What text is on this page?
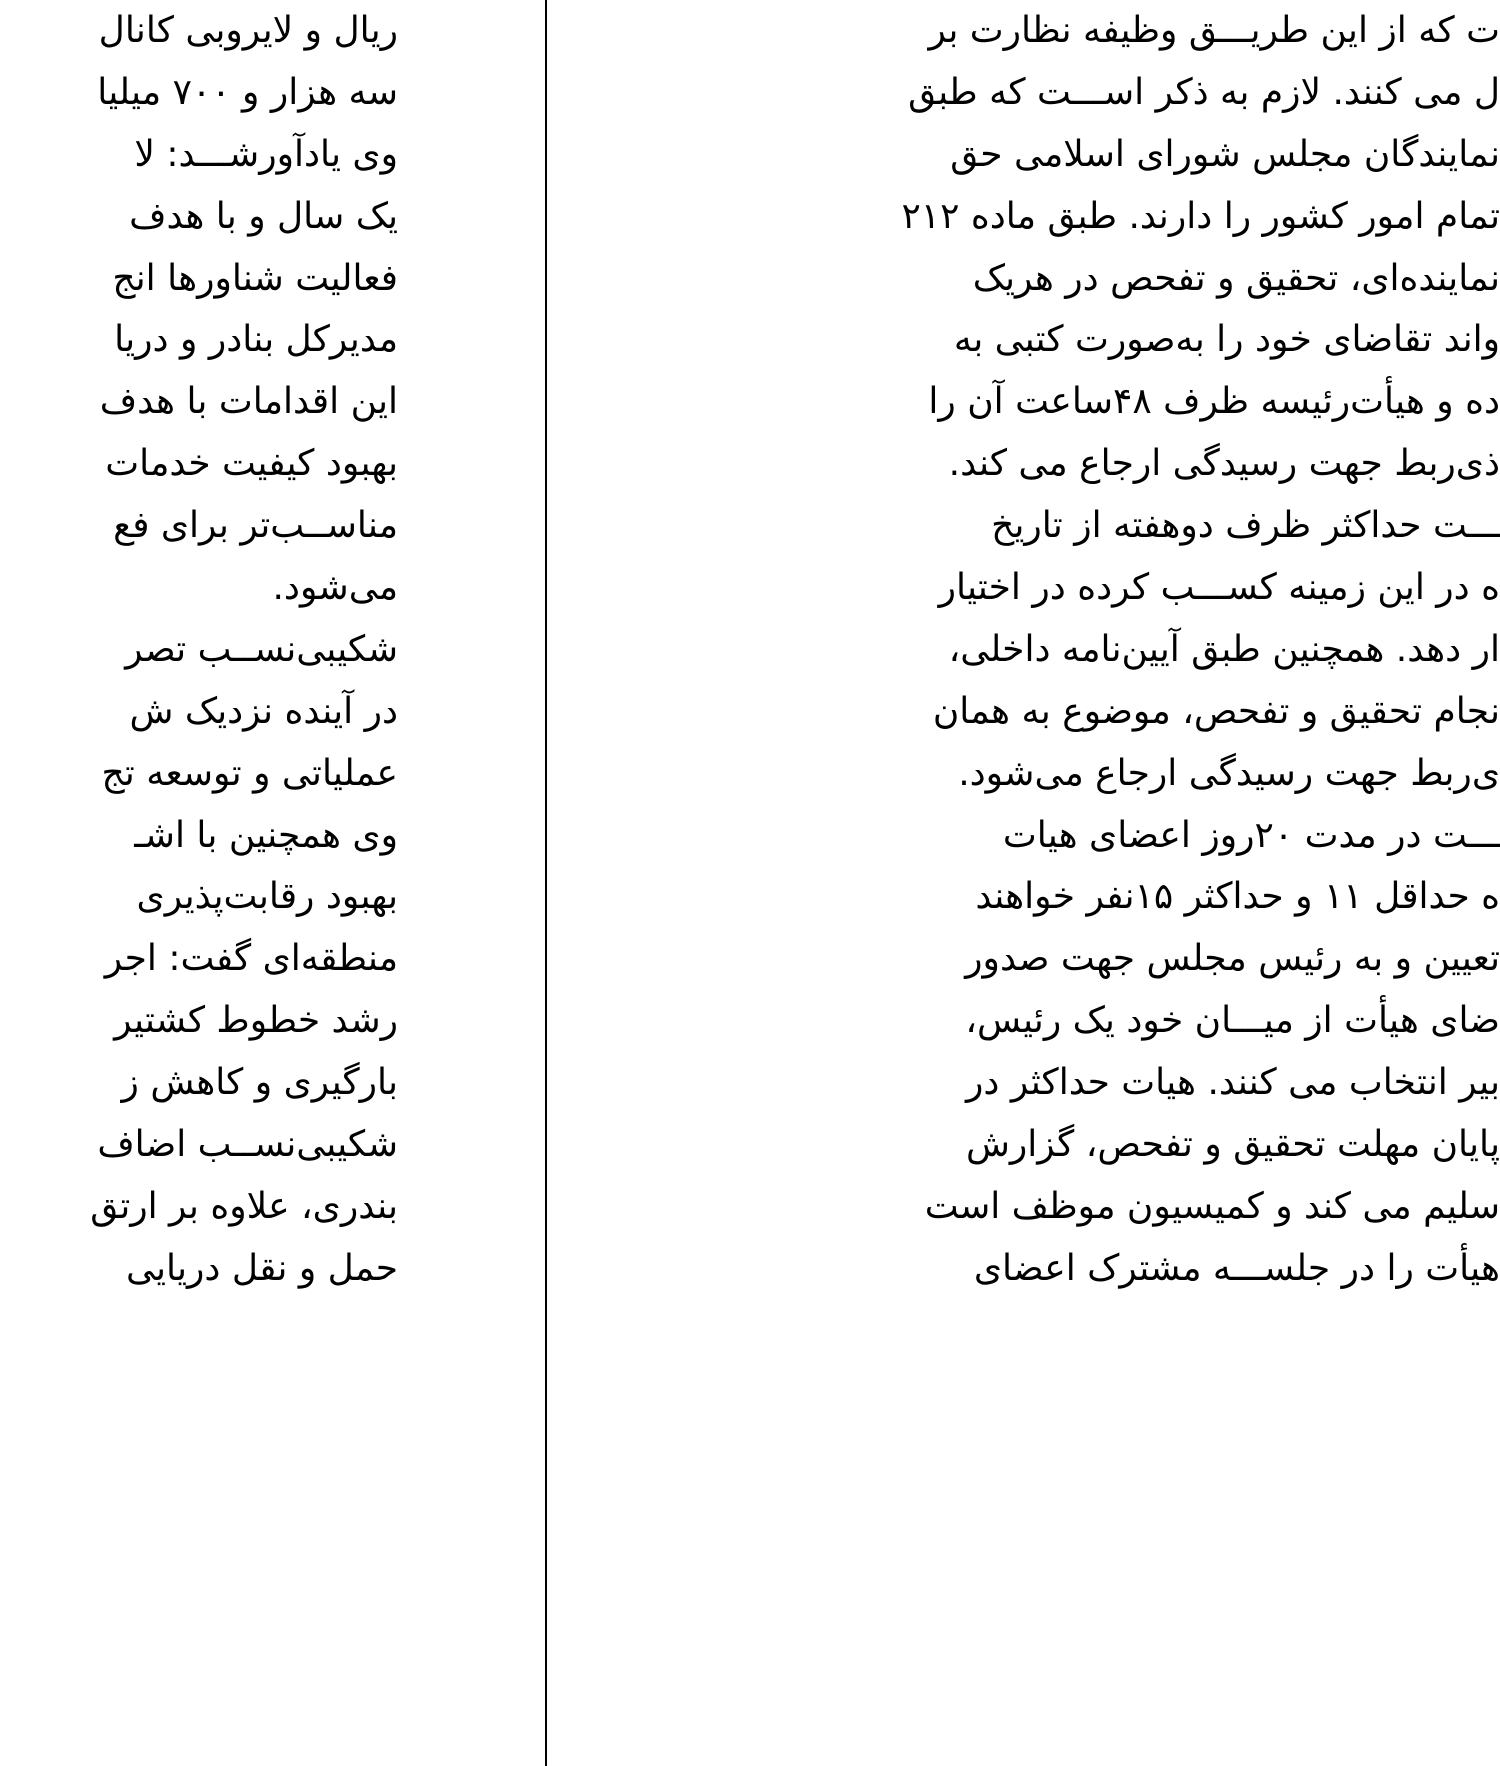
ریال و لایروبی کانال
سه هزار و ۷۰۰ میلیا
وی یادآورشـــد: لا
یک سال و با هدف
فعالیت شناورها انج
مدیرکل بنادر و دریا
این اقدامات با هدف
بهبود کیفیت خدمات
مناســب‌تر برای فع
می‌شود.
شکیبی‌نســب تصر
در آینده نزدیک ش
عملیاتی و توسعه تج
وی همچنین با اشـ
بهبود رقابت‌پذیری
منطقه‌ای گفت: اجر
رشد خطوط کشتیر
بارگیری و کاهش ز
شکیبی‌نســب اضاف
بندری، علاوه بر ارتق
حمل و نقل دریایی
ت که از این طریـــق وظیفه نظارت بر
ل می کنند. لازم به ذکر اســـت که طبق
نمایندگان مجلس شورای اسلامی حق
تمام امور کشور را دارند. طبق ماده ۲۱۲
نماینده‌ای، تحقیق و تفحص در هریک
واند تقاضای خود را به‌صورت کتبی به
ده و هیأت‌رئیسه ظرف ۴۸ساعت آن را
ذی‌ربط جهت رسیدگی ارجاع می کند.
ـــت حداکثر ظرف دوهفته از تاریخ
ه در این زمینه کســـب کرده در اختیار
ار دهد. همچنین طبق آیین‌نامه داخلی،
نجام تحقیق و تفحص، موضوع به همان
ی‌ربط جهت رسیدگی ارجاع می‌شود.
ـــت در مدت ۲۰روز اعضای هیات
ه حداقل ۱۱ و حداکثر ۱۵نفر خواهند
تعیین و به رئیس مجلس جهت صدور
ضای هیأت از میـــان خود یک رئیس،
بیر انتخاب می کنند. هیات حداکثر در
پایان مهلت تحقیق و تفحص، گزارش
سلیم می کند و کمیسیون موظف است
هیأت را در جلســـه مشترک اعضای
